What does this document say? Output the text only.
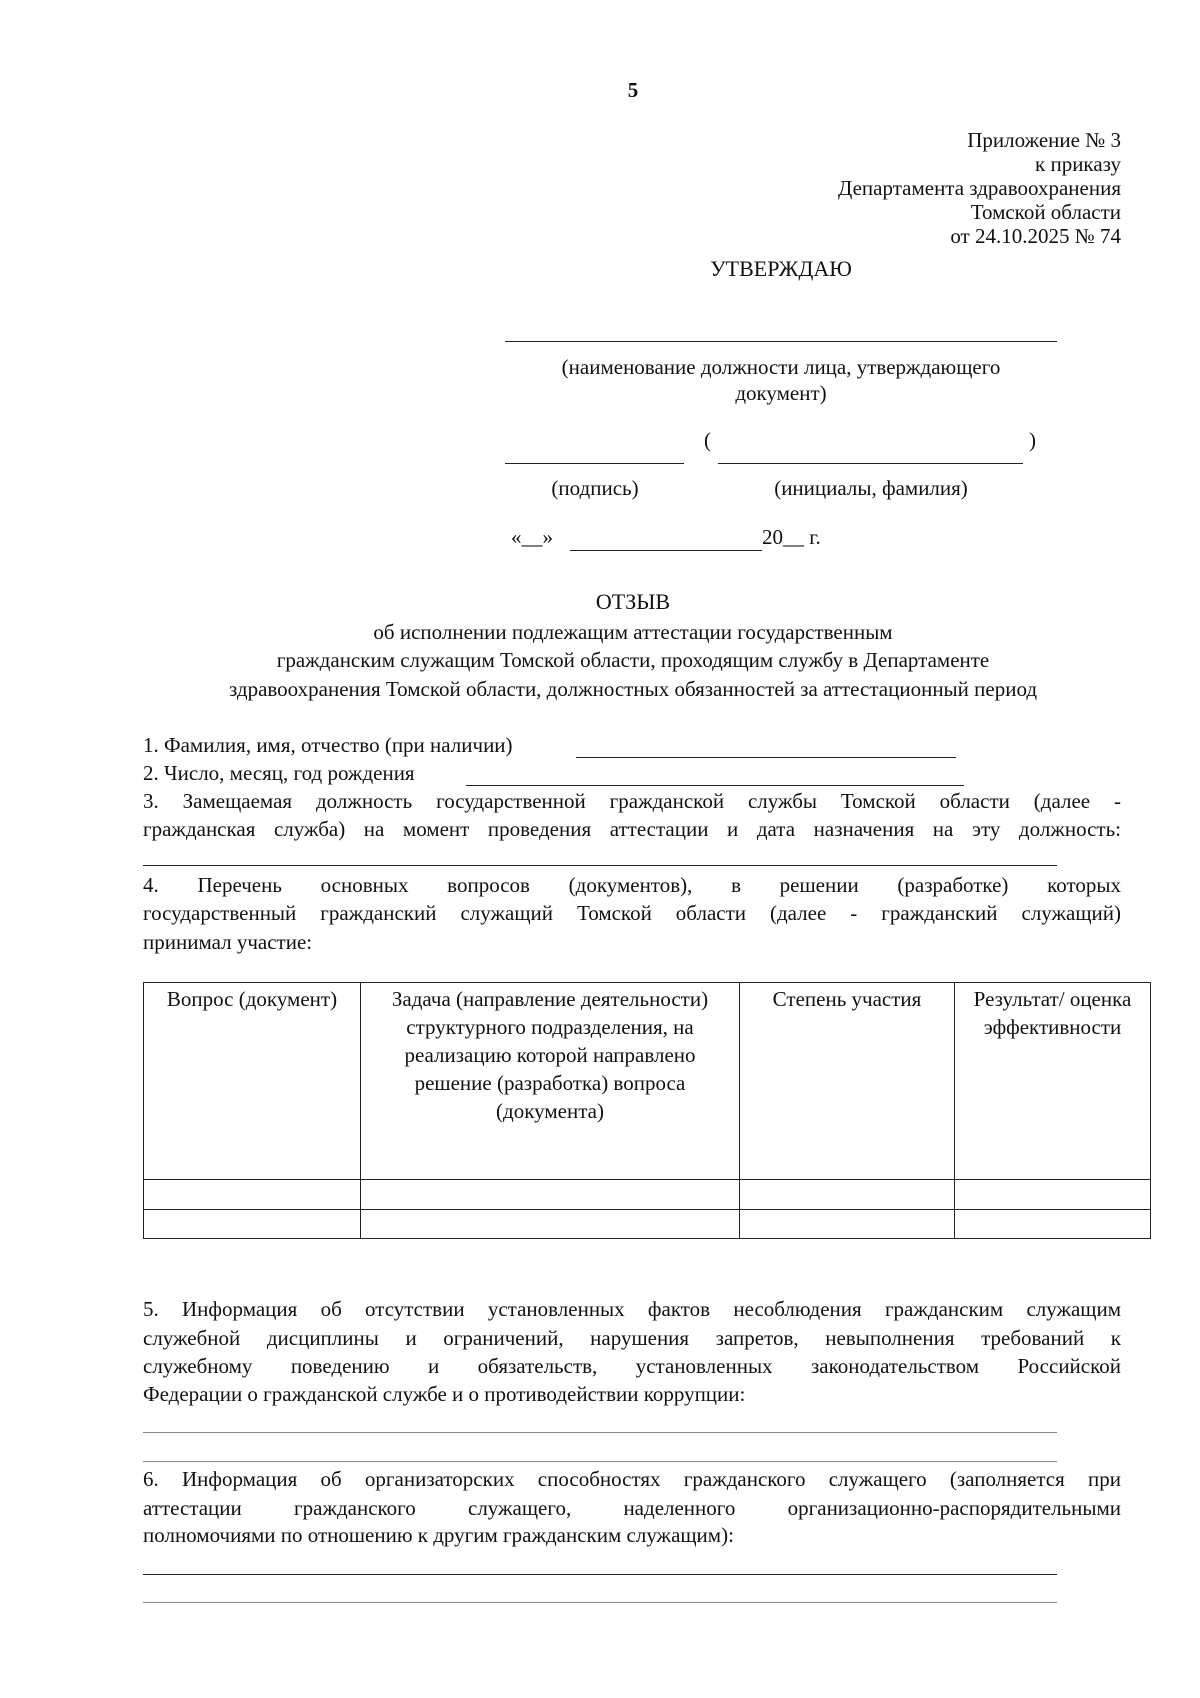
5
Приложение № 3
к приказу
Департамента здравоохранения
Томской области
от 24.10.2025 № 74
УТВЕРЖДАЮ
(наименование должности лица, утверждающего
документ)
(	)
(подпись)	(инициалы, фамилия)
«__»	20__ г.
ОТЗЫВ
об исполнении подлежащим аттестации государственным
гражданским служащим Томской области, проходящим службу в Департаменте
здравоохранения Томской области, должностных обязанностей за аттестационный период
1. Фамилия, имя, отчество (при наличии)
2. Число, месяц, год рождения
3. Замещаемая должность государственной гражданской службы Томской области (далее -
гражданская служба) на момент проведения аттестации и дата назначения на эту должность:
4. Перечень основных вопросов (документов), в решении (разработке) которых
государственный гражданский служащий Томской области (далее - гражданский служащий)
принимал участие:
Вопрос (документ)	Задача (направление деятельности) структурного подразделения, на реализацию которой направлено решение (разработка) вопроса (документа)	Степень участия	Результат/ оценка эффективности

5. Информация об отсутствии установленных фактов несоблюдения гражданским служащим
служебной дисциплины и ограничений, нарушения запретов, невыполнения требований к
служебному поведению и обязательств, установленных законодательством Российской
Федерации о гражданской службе и о противодействии коррупции:
6. Информация об организаторских способностях гражданского служащего (заполняется при
аттестации гражданского служащего, наделенного организационно-распорядительными
полномочиями по отношению к другим гражданским служащим):
